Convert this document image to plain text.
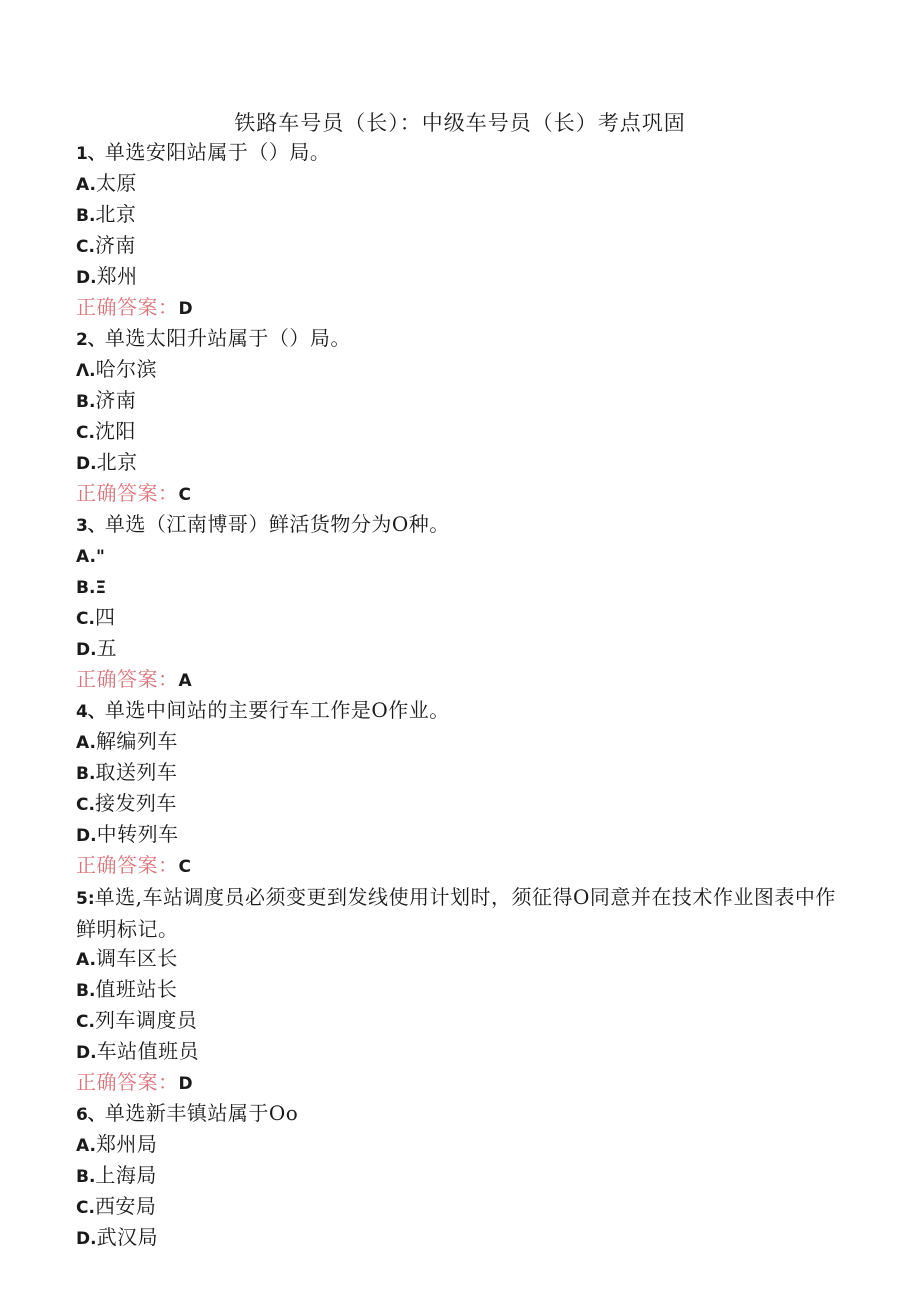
铁路车号员（长）：中级车号员（长）考点巩固
1、单选安阳站属于（）局。
A.太原
B.北京
C.济南
D.郑州
正确答案：D
2、单选太阳升站属于（）局。
Λ.哈尔滨
B.济南
C.沈阳
D.北京
正确答案：C
3、单选（江南博哥）鲜活货物分为O种。
A."
B.Ξ
C.四
D.五
正确答案：A
4、单选中间站的主要行车工作是O作业。
A.解编列车
B.取送列车
C.接发列车
D.中转列车
正确答案：C
5:单选,车站调度员必须变更到发线使用计划时，须征得O同意并在技术作业图表中作鲜明标记。
A.调车区长
B.值班站长
C.列车调度员
D.车站值班员
正确答案：D
6、单选新丰镇站属于Oo
A.郑州局
B.上海局
C.西安局
D.武汉局
